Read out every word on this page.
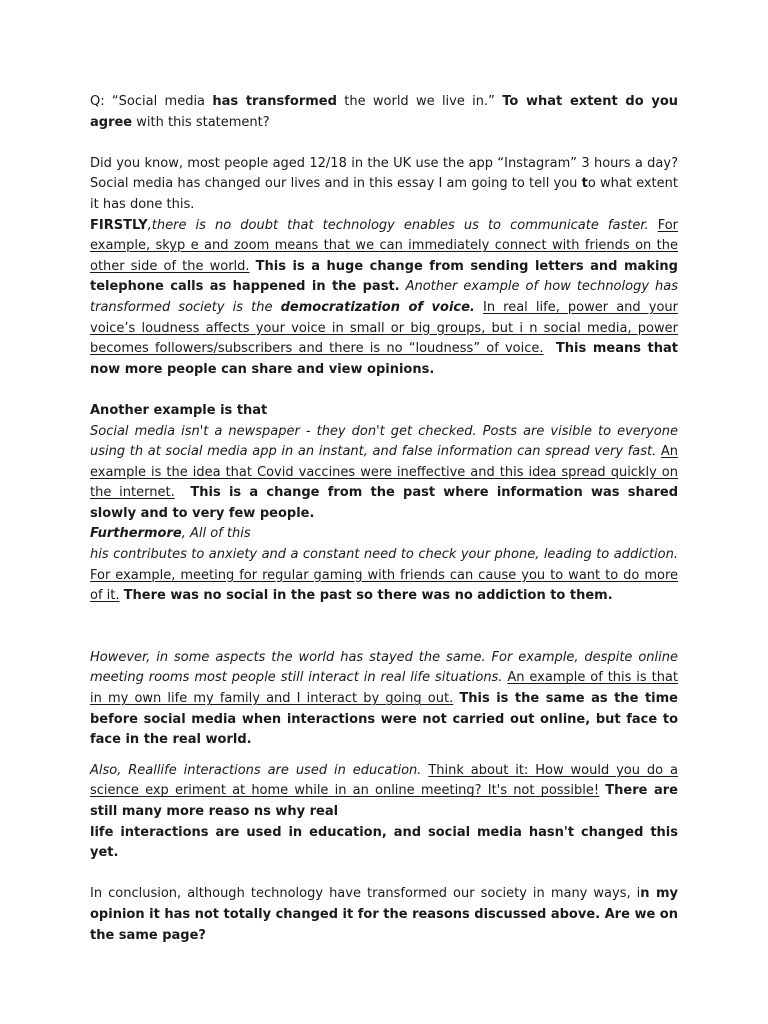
Q: “Social media has transformed the world we live in.” To what extent do you agree with this statement?

Did you know, most people aged 12/18 in the UK use the app “Instagram” 3 hours a day? Social media has changed our lives and in this essay I am going to tell you to what extent it has done this.

FIRSTLY,there is no doubt that technology enables us to communicate faster. For example, skyp e and zoom means that we can immediately connect with friends on the other side of the world. This is a huge change from sending letters and making telephone calls as happened in the past. Another example of how technology has transformed society is the democratization of voice. In real life, power and your voice’s loudness affects your voice in small or big groups, but i n social media, power becomes followers/subscribers and there is no “loudness” of voice. This means that now more people can share and view opinions.

Another example is that

Social media isn't a newspaper - they don't get checked. Posts are visible to everyone using th at social media app in an instant, and false information can spread very fast. An example is the idea that Covid vaccines were ineffective and this idea spread quickly on the internet. This is a change from the past where information was shared slowly and to very few people.

Furthermore, All of this

his contributes to anxiety and a constant need to check your phone, leading to addiction. For example, meeting for regular gaming with friends can cause you to want to do more of it. There was no social in the past so there was no addiction to them.

However, in some aspects the world has stayed the same. For example, despite online meeting rooms most people still interact in real life situations. An example of this is that in my own life my family and I interact by going out. This is the same as the time before social media when interactions were not carried out online, but face to face in the real world.

Also, Reallife interactions are used in education. Think about it: How would you do a science exp eriment at home while in an online meeting? It's not possible! There are still many more reaso ns why real

life interactions are used in education, and social media hasn't changed this yet.

In conclusion, although technology have transformed our society in many ways, in my opinion it has not totally changed it for the reasons discussed above. Are we on the same page?
